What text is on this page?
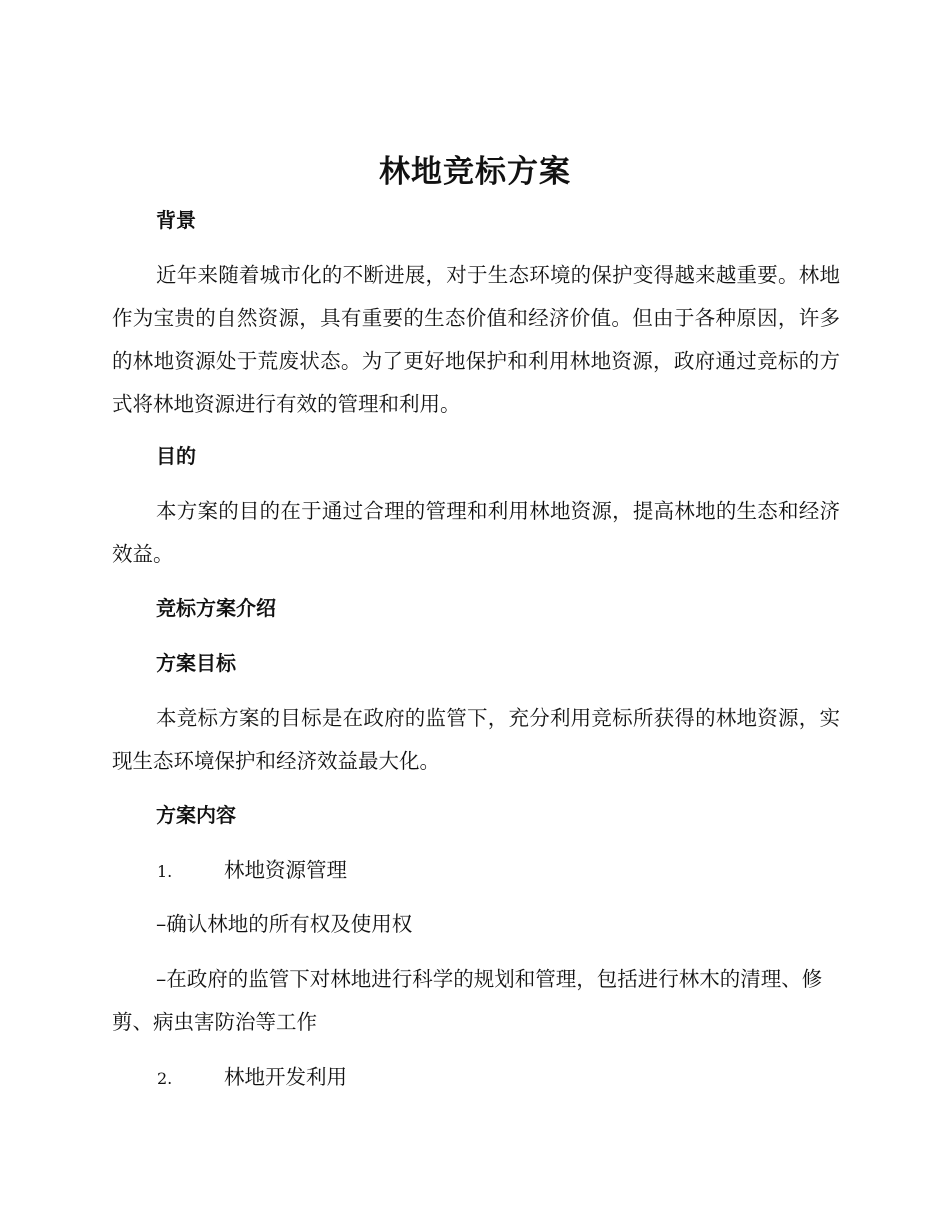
林地竞标方案
背景
近年来随着城市化的不断进展，对于生态环境的保护变得越来越重要。林地作为宝贵的自然资源，具有重要的生态价值和经济价值。但由于各种原因，许多的林地资源处于荒废状态。为了更好地保护和利用林地资源，政府通过竞标的方式将林地资源进行有效的管理和利用。
目的
本方案的目的在于通过合理的管理和利用林地资源，提高林地的生态和经济效益。
竞标方案介绍
方案目标
本竞标方案的目标是在政府的监管下，充分利用竞标所获得的林地资源，实现生态环境保护和经济效益最大化。
方案内容
1.	林地资源管理
–确认林地的所有权及使用权
–在政府的监管下对林地进行科学的规划和管理，包括进行林木的清理、修剪、病虫害防治等工作
2.	林地开发利用
